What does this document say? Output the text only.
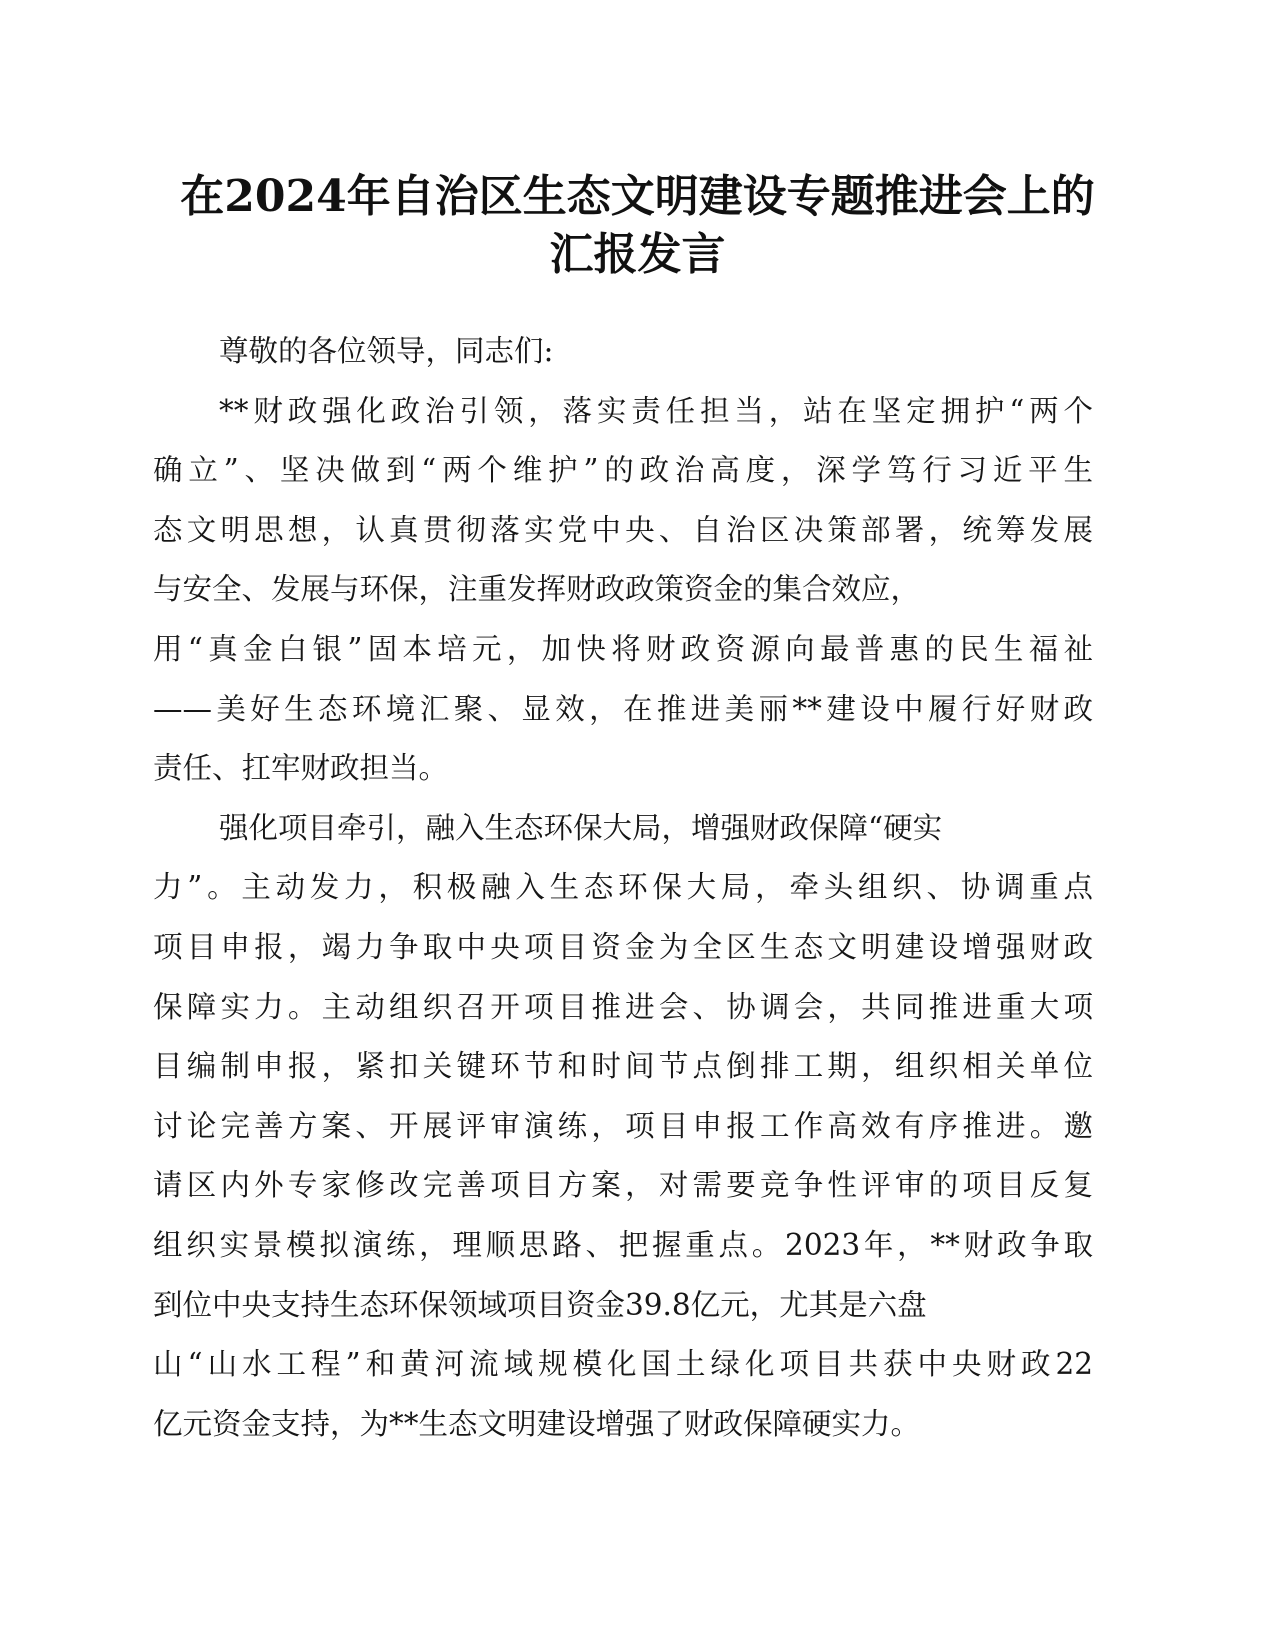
在2024年自治区生态文明建设专题推进会上的
汇报发言
尊敬的各位领导，同志们:
**财政强化政治引领，落实责任担当，站在坚定拥护“两个
确立”、坚决做到“两个维护”的政治高度，深学笃行习近平生
态文明思想，认真贯彻落实党中央、自治区决策部署，统筹发展
与安全、发展与环保，注重发挥财政政策资金的集合效应，
用“真金白银”固本培元，加快将财政资源向最普惠的民生福祉
——美好生态环境汇聚、显效，在推进美丽**建设中履行好财政
责任、扛牢财政担当。
强化项目牵引，融入生态环保大局，增强财政保障“硬实
力”。主动发力，积极融入生态环保大局，牵头组织、协调重点
项目申报，竭力争取中央项目资金为全区生态文明建设增强财政
保障实力。主动组织召开项目推进会、协调会，共同推进重大项
目编制申报，紧扣关键环节和时间节点倒排工期，组织相关单位
讨论完善方案、开展评审演练，项目申报工作高效有序推进。邀
请区内外专家修改完善项目方案，对需要竞争性评审的项目反复
组织实景模拟演练，理顺思路、把握重点。2023年，**财政争取
到位中央支持生态环保领域项目资金39.8亿元，尤其是六盘
山“山水工程”和黄河流域规模化国土绿化项目共获中央财政22
亿元资金支持，为**生态文明建设增强了财政保障硬实力。
